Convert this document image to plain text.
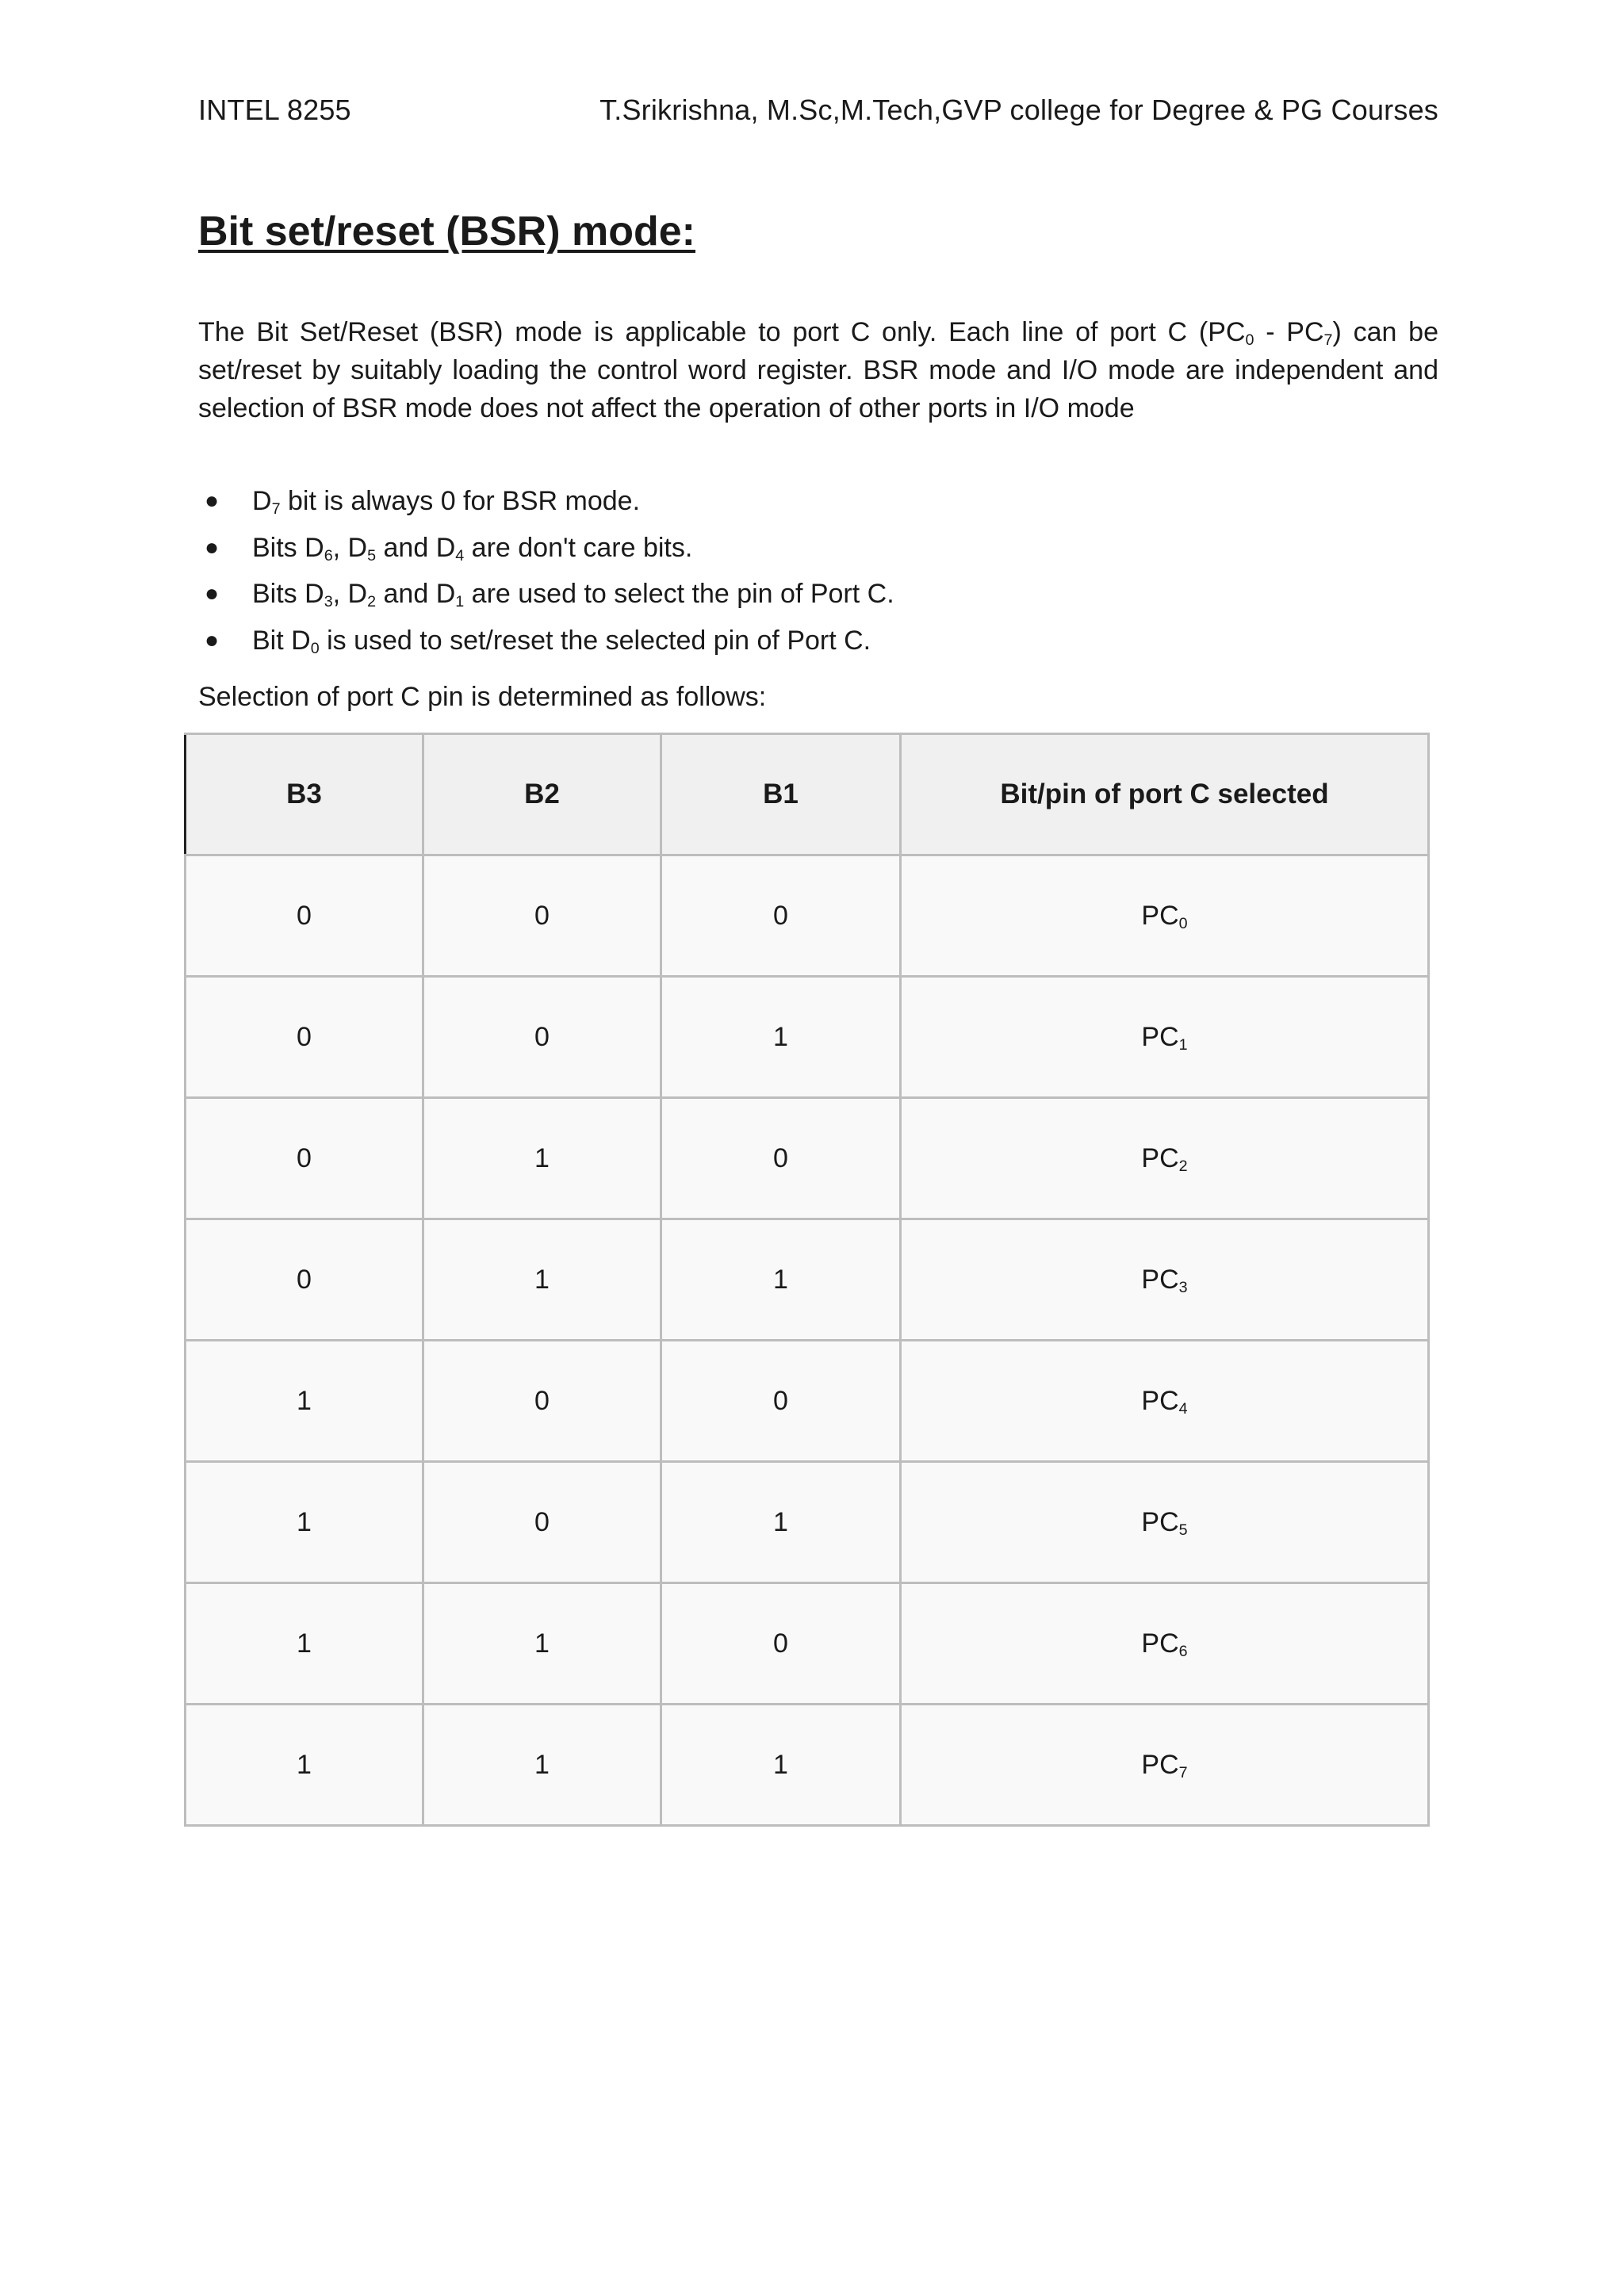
INTEL 8255	T.Srikrishna, M.Sc,M.Tech,GVP college for Degree & PG Courses
Bit set/reset (BSR) mode:

The Bit Set/Reset (BSR) mode is applicable to port C only. Each line of port C $(PC_0 - PC_7)$ can be set/reset by suitably loading the control word register. BSR mode and I/O mode are independent and selection of BSR mode does not affect the operation of other ports in I/O mode

● $D_7$ bit is always 0 for BSR mode.
● Bits $D_6$, $D_5$ and $D_4$ are don't care bits.
● Bits $D_3$, $D_2$ and $D_1$ are used to select the pin of Port C.
● Bit $D_0$ is used to set/reset the selected pin of Port C.

Selection of port C pin is determined as follows:

B3	B2	B1	Bit/pin of port C selected
0	0	0	$PC_0$
0	0	1	$PC_1$
0	1	0	$PC_2$
0	1	1	$PC_3$
1	0	0	$PC_4$
1	0	1	$PC_5$
1	1	0	$PC_6$
1	1	1	$PC_7$
